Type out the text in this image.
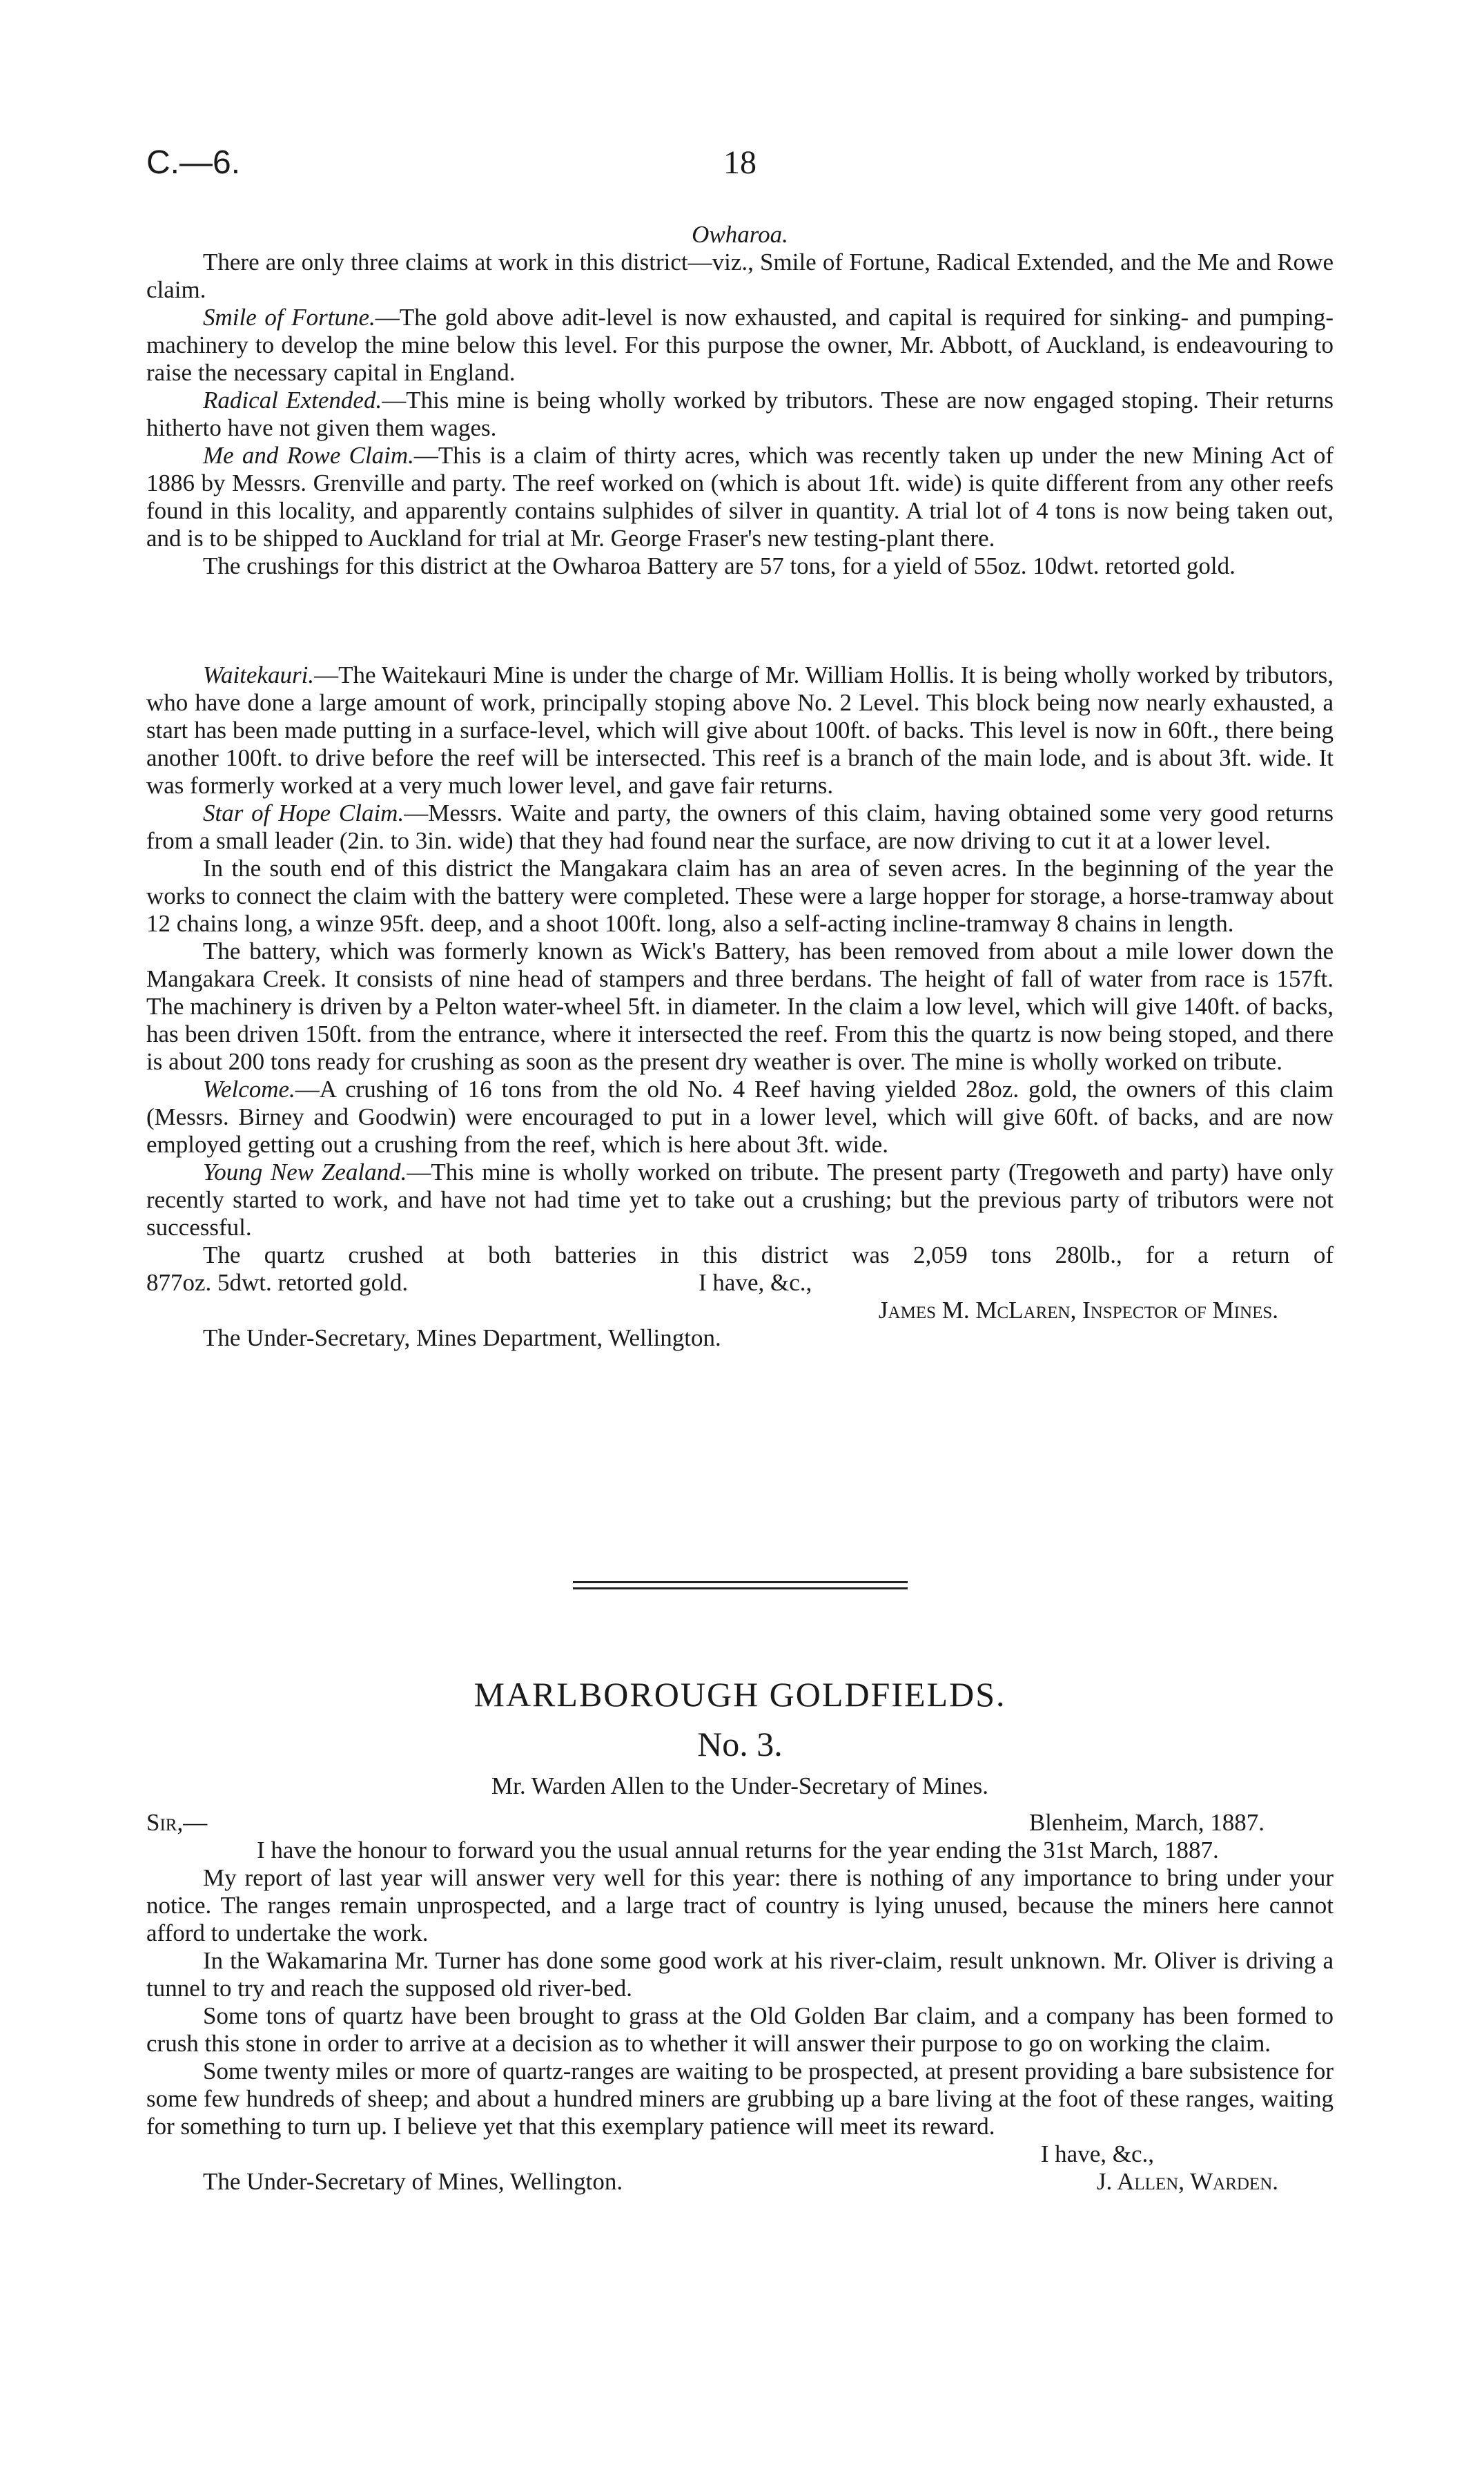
C.—6.	18

Owharoa.

There are only three claims at work in this district—viz., Smile of Fortune, Radical Extended, and the Me and Rowe claim.

Smile of Fortune.—The gold above adit-level is now exhausted, and capital is required for sinking- and pumping-machinery to develop the mine below this level. For this purpose the owner, Mr. Abbott, of Auckland, is endeavouring to raise the necessary capital in England.

Radical Extended.—This mine is being wholly worked by tributors. These are now engaged stoping. Their returns hitherto have not given them wages.

Me and Rowe Claim.—This is a claim of thirty acres, which was recently taken up under the new Mining Act of 1886 by Messrs. Grenville and party. The reef worked on (which is about 1ft. wide) is quite different from any other reefs found in this locality, and apparently contains sulphides of silver in quantity. A trial lot of 4 tons is now being taken out, and is to be shipped to Auckland for trial at Mr. George Fraser's new testing-plant there.

The crushings for this district at the Owharoa Battery are 57 tons, for a yield of 55oz. 10dwt. retorted gold.

Waitekauri.—The Waitekauri Mine is under the charge of Mr. William Hollis. It is being wholly worked by tributors, who have done a large amount of work, principally stoping above No. 2 Level. This block being now nearly exhausted, a start has been made putting in a surface-level, which will give about 100ft. of backs. This level is now in 60ft., there being another 100ft. to drive before the reef will be intersected. This reef is a branch of the main lode, and is about 3ft. wide. It was formerly worked at a very much lower level, and gave fair returns.

Star of Hope Claim.—Messrs. Waite and party, the owners of this claim, having obtained some very good returns from a small leader (2in. to 3in. wide) that they had found near the surface, are now driving to cut it at a lower level.

In the south end of this district the Mangakara claim has an area of seven acres. In the beginning of the year the works to connect the claim with the battery were completed. These were a large hopper for storage, a horse-tramway about 12 chains long, a winze 95ft. deep, and a shoot 100ft. long, also a self-acting incline-tramway 8 chains in length.

The battery, which was formerly known as Wick's Battery, has been removed from about a mile lower down the Mangakara Creek. It consists of nine head of stampers and three berdans. The height of fall of water from race is 157ft. The machinery is driven by a Pelton water-wheel 5ft. in diameter. In the claim a low level, which will give 140ft. of backs, has been driven 150ft. from the entrance, where it intersected the reef. From this the quartz is now being stoped, and there is about 200 tons ready for crushing as soon as the present dry weather is over. The mine is wholly worked on tribute.

Welcome.—A crushing of 16 tons from the old No. 4 Reef having yielded 28oz. gold, the owners of this claim (Messrs. Birney and Goodwin) were encouraged to put in a lower level, which will give 60ft. of backs, and are now employed getting out a crushing from the reef, which is here about 3ft. wide.

Young New Zealand.—This mine is wholly worked on tribute. The present party (Tregoweth and party) have only recently started to work, and have not had time yet to take out a crushing; but the previous party of tributors were not successful.

The quartz crushed at both batteries in this district was 2,059 tons 280lb., for a return of

877oz. 5dwt. retorted gold.	I have, &c.,
James M. McLaren, Inspector of Mines.

The Under-Secretary, Mines Department, Wellington.

MARLBOROUGH GOLDFIELDS.

No. 3.

Mr. Warden Allen to the Under-Secretary of Mines.

Sir,—	Blenheim, March, 1887.

I have the honour to forward you the usual annual returns for the year ending the 31st March, 1887.

My report of last year will answer very well for this year: there is nothing of any importance to bring under your notice. The ranges remain unprospected, and a large tract of country is lying unused, because the miners here cannot afford to undertake the work.

In the Wakamarina Mr. Turner has done some good work at his river-claim, result unknown. Mr. Oliver is driving a tunnel to try and reach the supposed old river-bed.

Some tons of quartz have been brought to grass at the Old Golden Bar claim, and a company has been formed to crush this stone in order to arrive at a decision as to whether it will answer their purpose to go on working the claim.

Some twenty miles or more of quartz-ranges are waiting to be prospected, at present providing a bare subsistence for some few hundreds of sheep; and about a hundred miners are grubbing up a bare living at the foot of these ranges, waiting for something to turn up. I believe yet that this exemplary patience will meet its reward.

I have, &c.,
The Under-Secretary of Mines, Wellington.	J. Allen, Warden.
